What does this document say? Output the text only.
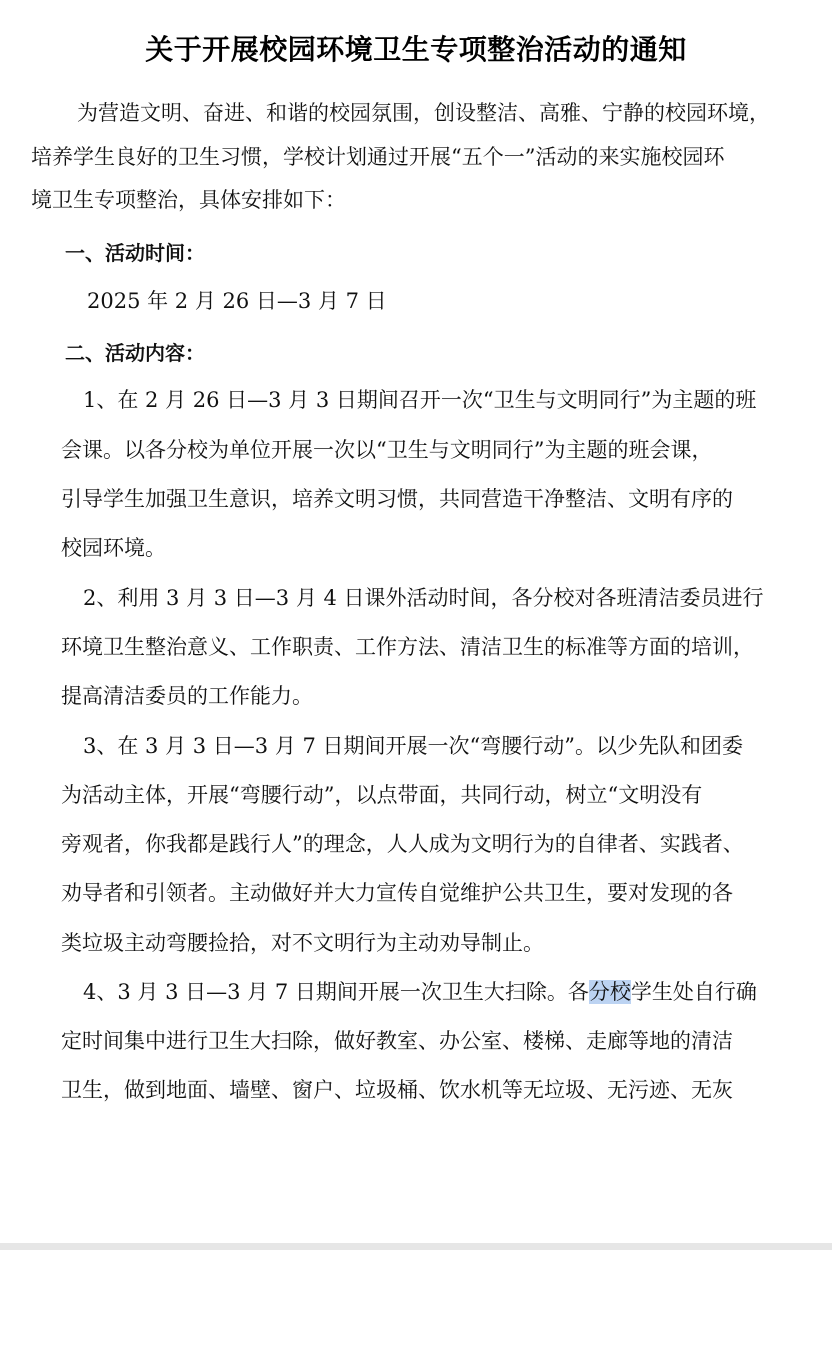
关于开展校园环境卫生专项整治活动的通知
为营造文明、奋进、和谐的校园氛围，创设整洁、高雅、宁静的校园环境，
培养学生良好的卫生习惯，学校计划通过开展“五个一”活动的来实施校园环
境卫生专项整治，具体安排如下：
一、活动时间：
2025 年 2 月 26 日—3 月 7 日
二、活动内容：
1、在 2 月 26 日—3 月 3 日期间召开一次“卫生与文明同行”为主题的班
会课。以各分校为单位开展一次以“卫生与文明同行”为主题的班会课，
引导学生加强卫生意识，培养文明习惯，共同营造干净整洁、文明有序的
校园环境。
2、利用 3 月 3 日—3 月 4 日课外活动时间，各分校对各班清洁委员进行
环境卫生整治意义、工作职责、工作方法、清洁卫生的标准等方面的培训，
提高清洁委员的工作能力。
3、在 3 月 3 日—3 月 7 日期间开展一次“弯腰行动”。以少先队和团委
为活动主体，开展“弯腰行动”，以点带面，共同行动，树立“文明没有
旁观者，你我都是践行人”的理念，人人成为文明行为的自律者、实践者、
劝导者和引领者。主动做好并大力宣传自觉维护公共卫生，要对发现的各
类垃圾主动弯腰捡拾，对不文明行为主动劝导制止。
4、3 月 3 日—3 月 7 日期间开展一次卫生大扫除。各分校学生处自行确
定时间集中进行卫生大扫除，做好教室、办公室、楼梯、走廊等地的清洁
卫生，做到地面、墙壁、窗户、垃圾桶、饮水机等无垃圾、无污迹、无灰
